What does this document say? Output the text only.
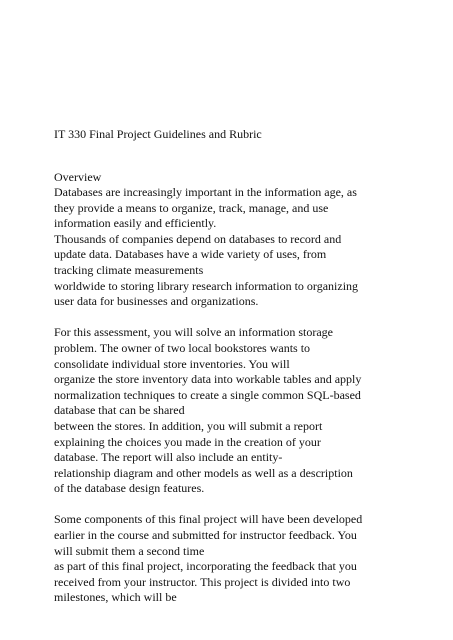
IT 330 Final Project Guidelines and Rubric
Overview
Databases are increasingly important in the information age, as
they provide a means to organize, track, manage, and use
information easily and efficiently.
Thousands of companies depend on databases to record and
update data. Databases have a wide variety of uses, from
tracking climate measurements
worldwide to storing library research information to organizing
user data for businesses and organizations.
For this assessment, you will solve an information storage
problem. The owner of two local bookstores wants to
consolidate individual store inventories. You will
organize the store inventory data into workable tables and apply
normalization techniques to create a single common SQL-based
database that can be shared
between the stores. In addition, you will submit a report
explaining the choices you made in the creation of your
database. The report will also include an entity-
relationship diagram and other models as well as a description
of the database design features.
Some components of this final project will have been developed
earlier in the course and submitted for instructor feedback. You
will submit them a second time
as part of this final project, incorporating the feedback that you
received from your instructor. This project is divided into two
milestones, which will be
